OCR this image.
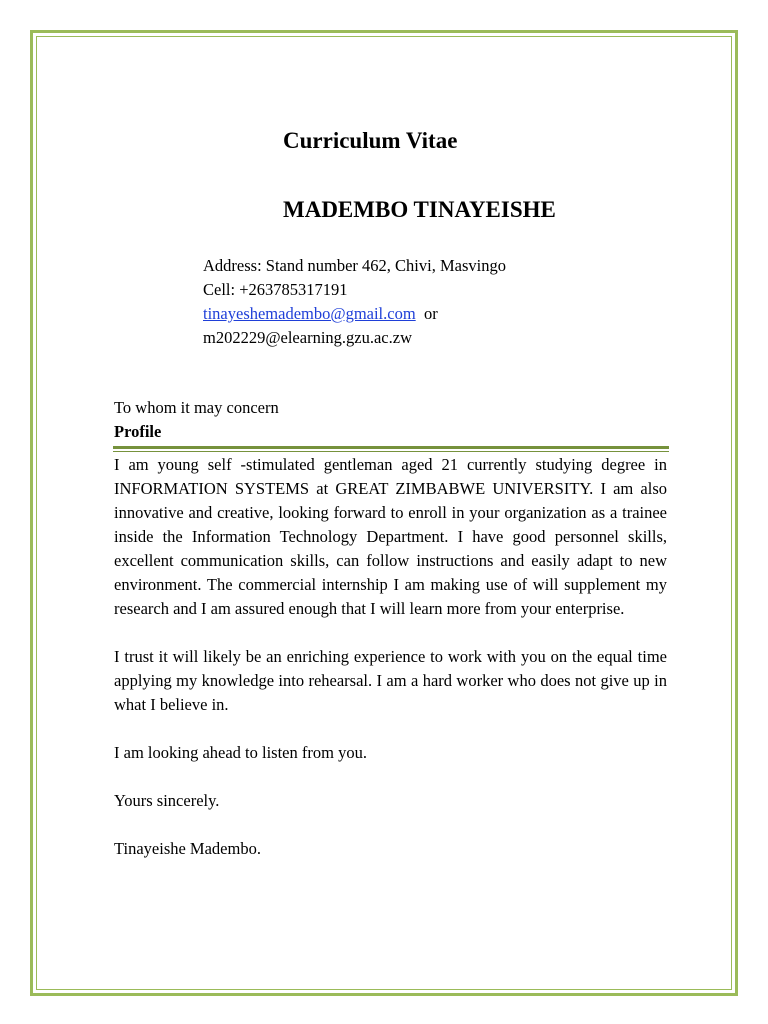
Curriculum Vitae
MADEMBO TINAYEISHE
Address: Stand number 462, Chivi, Masvingo
Cell: +263785317191
tinayeshemadembo@gmail.com or
m202229@elearning.gzu.ac.zw
To whom it may concern
Profile

I am young self -stimulated gentleman aged 21 currently studying degree in INFORMATION SYSTEMS at GREAT ZIMBABWE UNIVERSITY. I am also innovative and creative, looking forward to enroll in your organization as a trainee inside the Information Technology Department. I have good personnel skills, excellent communication skills, can follow instructions and easily adapt to new environment. The commercial internship I am making use of will supplement my research and I am assured enough that I will learn more from your enterprise.

I trust it will likely be an enriching experience to work with you on the equal time applying my knowledge into rehearsal. I am a hard worker who does not give up in what I believe in.

I am looking ahead to listen from you.

Yours sincerely.

Tinayeishe Madembo.
